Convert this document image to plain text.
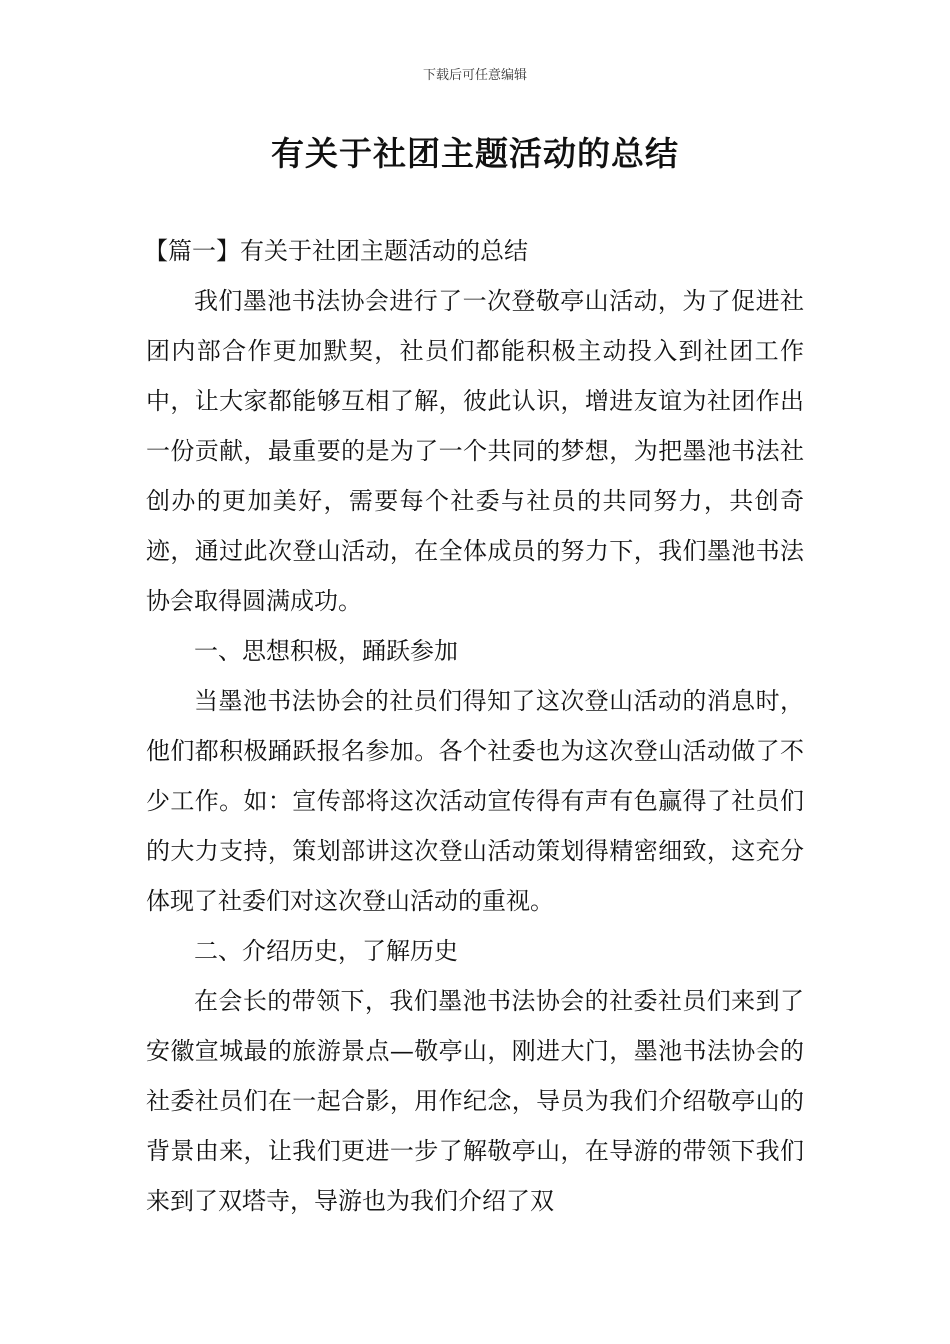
下载后可任意编辑
有关于社团主题活动的总结

【篇一】有关于社团主题活动的总结

我们墨池书法协会进行了一次登敬亭山活动，为了促进社团内部合作更加默契，社员们都能积极主动投入到社团工作中，让大家都能够互相了解，彼此认识，增进友谊为社团作出一份贡献，最重要的是为了一个共同的梦想，为把墨池书法社创办的更加美好，需要每个社委与社员的共同努力，共创奇迹，通过此次登山活动，在全体成员的努力下，我们墨池书法协会取得圆满成功。

一、思想积极，踊跃参加

当墨池书法协会的社员们得知了这次登山活动的消息时，他们都积极踊跃报名参加。各个社委也为这次登山活动做了不少工作。如：宣传部将这次活动宣传得有声有色赢得了社员们的大力支持，策划部讲这次登山活动策划得精密细致，这充分体现了社委们对这次登山活动的重视。

二、介绍历史，了解历史

在会长的带领下，我们墨池书法协会的社委社员们来到了安徽宣城最的旅游景点—敬亭山，刚进大门，墨池书法协会的社委社员们在一起合影，用作纪念，导员为我们介绍敬亭山的背景由来，让我们更进一步了解敬亭山，在导游的带领下我们来到了双塔寺，导游也为我们介绍了双
